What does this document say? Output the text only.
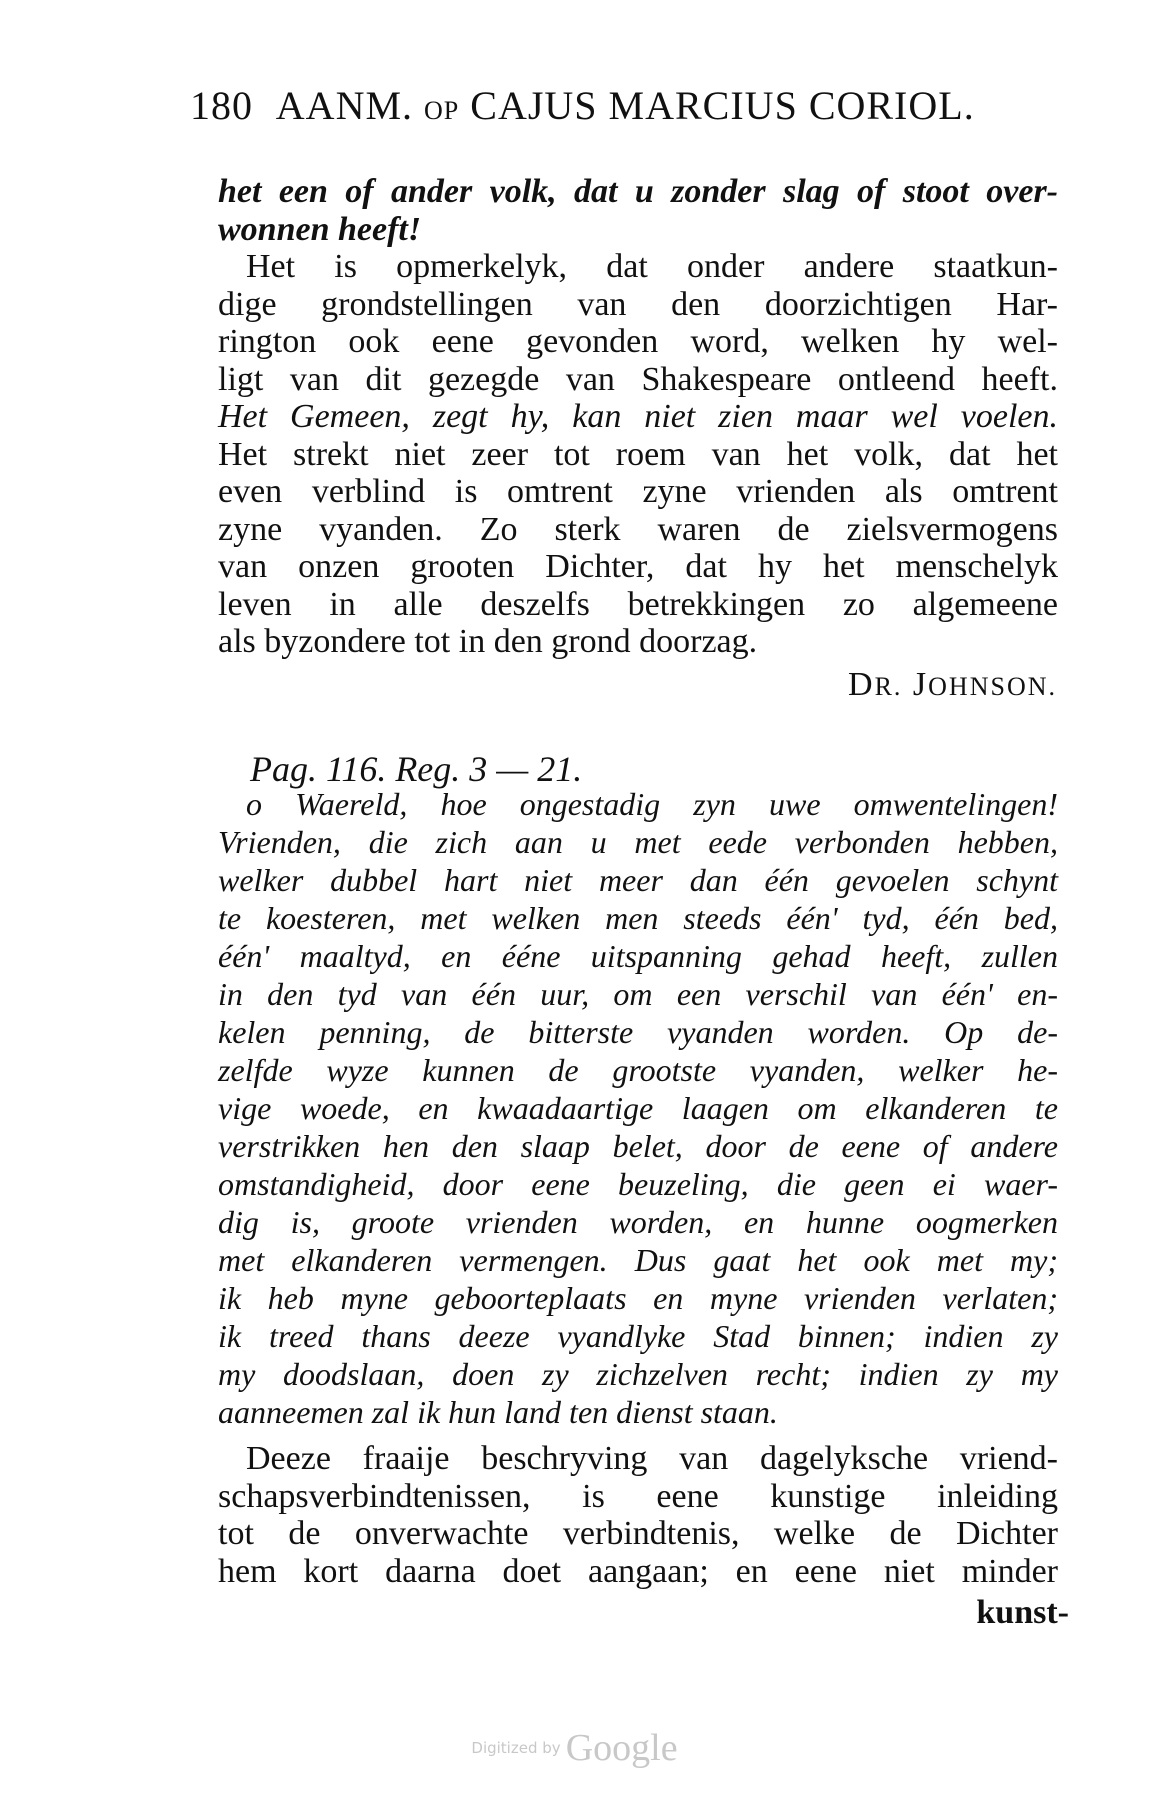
180 AANM. OP CAJUS MARCIUS CORIOL.
het een of ander volk, dat u zonder slag of stoot over-
wonnen heeft!
Het is opmerkelyk, dat onder andere staatkun-
dige grondstellingen van den doorzichtigen Har-
rington ook eene gevonden word, welken hy wel-
ligt van dit gezegde van Shakespeare ontleend heeft.
Het Gemeen, zegt hy, kan niet zien maar wel voelen.
Het strekt niet zeer tot roem van het volk, dat het
even verblind is omtrent zyne vrienden als omtrent
zyne vyanden. Zo sterk waren de zielsvermogens
van onzen grooten Dichter, dat hy het menschelyk
leven in alle deszelfs betrekkingen zo algemeene
als byzondere tot in den grond doorzag.
DR. JOHNSON.
Pag. 116. Reg. 3 — 21.
o Waereld, hoe ongestadig zyn uwe omwentelingen!
Vrienden, die zich aan u met eede verbonden hebben,
welker dubbel hart niet meer dan één gevoelen schynt
te koesteren, met welken men steeds één' tyd, één bed,
één' maaltyd, en ééne uitspanning gehad heeft, zullen
in den tyd van één uur, om een verschil van één' en-
kelen penning, de bitterste vyanden worden. Op de-
zelfde wyze kunnen de grootste vyanden, welker he-
vige woede, en kwaadaartige laagen om elkanderen te
verstrikken hen den slaap belet, door de eene of andere
omstandigheid, door eene beuzeling, die geen ei waer-
dig is, groote vrienden worden, en hunne oogmerken
met elkanderen vermengen. Dus gaat het ook met my;
ik heb myne geboorteplaats en myne vrienden verlaten;
ik treed thans deeze vyandlyke Stad binnen; indien zy
my doodslaan, doen zy zichzelven recht; indien zy my
aanneemen zal ik hun land ten dienst staan.
Deeze fraaije beschryving van dagelyksche vriend-
schapsverbindtenissen, is eene kunstige inleiding
tot de onverwachte verbindtenis, welke de Dichter
hem kort daarna doet aangaan; en eene niet minder
kunst-
Digitized by Google
